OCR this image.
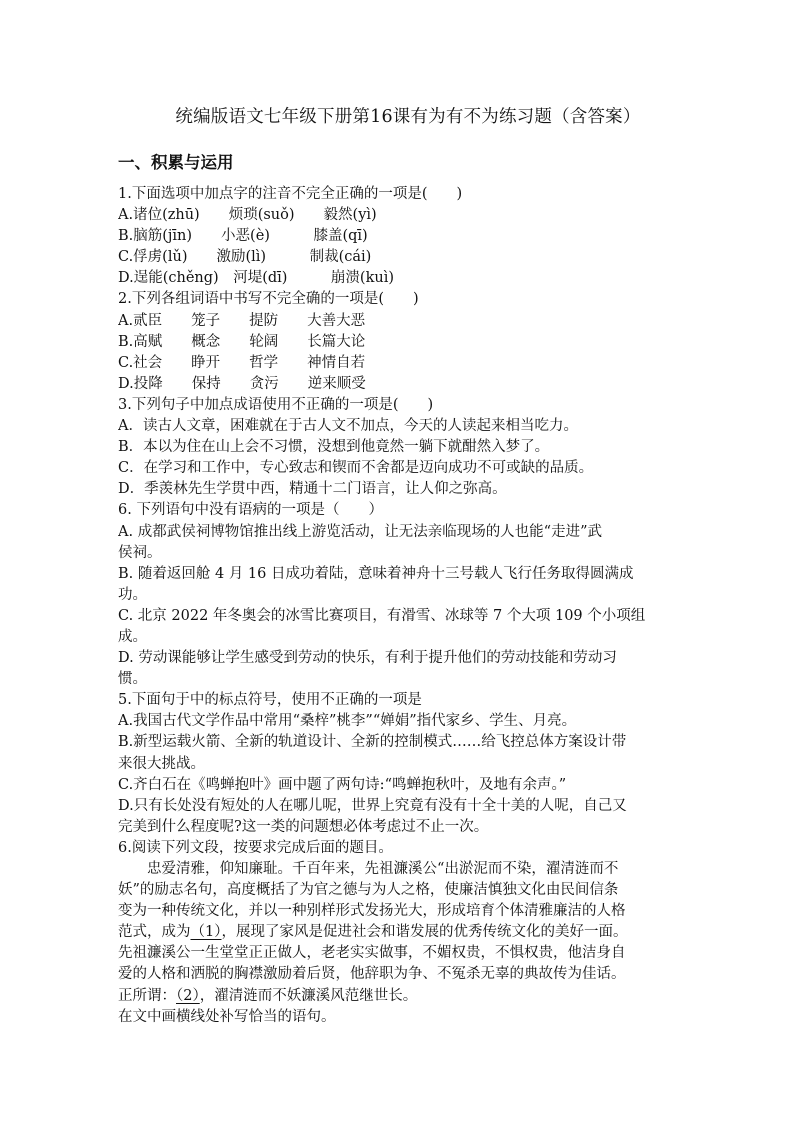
统编版语文七年级下册第16课有为有不为练习题（含答案）
一、积累与运用
1.下面选项中加点字的注音不完全正确的一项是(　　)
A.诸位(zhū)　　烦琐(suǒ)　　毅然(yì)
B.脑筋(jīn)　　小恶(è)　　　膝盖(qī)
C.俘虏(lǔ)　　激励(lì)　　　制裁(cái)
D.逞能(chěng)　河堤(dī)　　　崩溃(kuì)
2.下列各组词语中书写不完全确的一项是(　　)
A.贰臣　　笼子　　提防　　大善大恶
B.高赋　　概念　　轮阔　　长篇大论
C.社会　　睁开　　哲学　　神情自若
D.投降　　保持　　贪污　　逆来顺受
3.下列句子中加点成语使用不正确的一项是(　　)
A．读古人文章，困难就在于古人文不加点，今天的人读起来相当吃力。
B．本以为住在山上会不习惯，没想到他竟然一躺下就酣然入梦了。
C．在学习和工作中，专心致志和锲而不舍都是迈向成功不可或缺的品质。
D．季羡林先生学贯中西，精通十二门语言，让人仰之弥高。
6. 下列语句中没有语病的一项是（　　）
A. 成都武侯祠博物馆推出线上游览活动，让无法亲临现场的人也能“走进”武
侯祠。
B. 随着返回舱 4 月 16 日成功着陆，意味着神舟十三号载人飞行任务取得圆满成
功。
C. 北京 2022 年冬奥会的冰雪比赛项目，有滑雪、冰球等 7 个大项 109 个小项组
成。
D. 劳动课能够让学生感受到劳动的快乐，有利于提升他们的劳动技能和劳动习
惯。
5.下面句于中的标点符号，使用不正确的一项是
A.我国古代文学作品中常用“桑梓”桃李”“婵娟”指代家乡、学生、月亮。
B.新型运载火箭、全新的轨道设计、全新的控制模式……给飞控总体方案设计带
来很大挑战。
C.齐白石在《鸣蝉抱叶》画中题了两句诗:“鸣蝉抱秋叶，及地有余声。”
D.只有长处没有短处的人在哪儿呢，世界上究竟有没有十全十美的人呢，自己又
完美到什么程度呢?这一类的问题想必体考虑过不止一次。
6.阅读下列文段，按要求完成后面的题目。
忠爱清雅，仰知廉耻。千百年来，先祖濂溪公“出淤泥而不染，濯清涟而不
妖”的励志名句，高度概括了为官之德与为人之格，使廉洁慎独文化由民间信条
变为一种传统文化，并以一种别样形式发扬光大，形成培育个体清雅廉洁的人格
范式，成为（1），展现了家风是促进社会和谐发展的优秀传统文化的美好一面。
先祖濂溪公一生堂堂正正做人，老老实实做事，不媚权贵，不惧权贵，他洁身自
爱的人格和洒脱的胸襟激励着后贤，他辞职为争、不冤杀无辜的典故传为佳话。
正所谓：（2），濯清涟而不妖濂溪风范继世长。
在文中画横线处补写恰当的语句。
